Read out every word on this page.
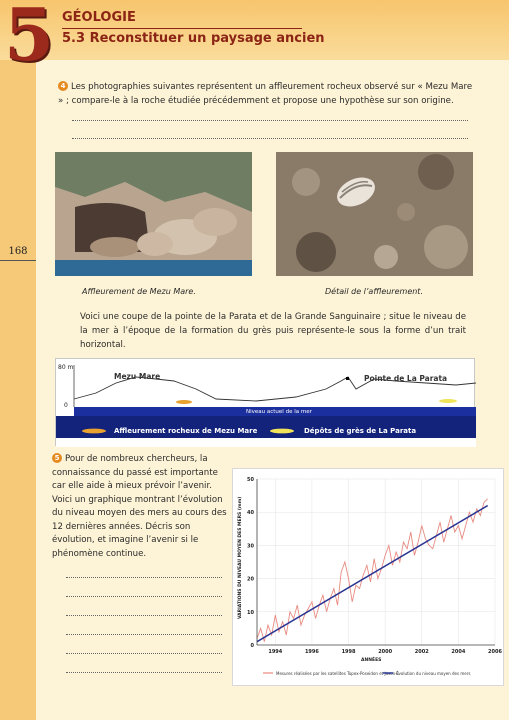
5 GÉOLOGIE
5.3 Reconstituer un paysage ancien
168
4 Les photographies suivantes représentent un affleurement rocheux observé sur « Mezu Mare » ; compare-le à la roche étudiée précédemment et propose une hypothèse sur son origine.
Affleurement de Mezu Mare.	Détail de l’affleurement.
Voici une coupe de la pointe de la Parata et de la Grande Sanguinaire ; situe le niveau de la mer à l’époque de la formation du grès puis représente-le sous la forme d’un trait horizontal.
80 m
0
Mezu Mare	Pointe de La Parata
Niveau actuel de la mer
Affleurement rocheux de Mezu Mare	Dépôts de grès de La Parata
5 Pour de nombreux chercheurs, la connaissance du passé est importante car elle aide à mieux prévoir l’avenir. Voici un graphique montrant l’évolution du niveau moyen des mers au cours des 12 dernières années. Décris son évolution, et imagine l’avenir si le phénomène continue.
0
10
20
30
40
50
1994	1996	1998	2000	2002	2004	2006
VARIATIONS DU NIVEAU MOYEN DES MERS (mm)
ANNÉES
Mesures réalisées par les satellites Topex-Poseidon et Jason-1
Évolution du niveau moyen des mers
